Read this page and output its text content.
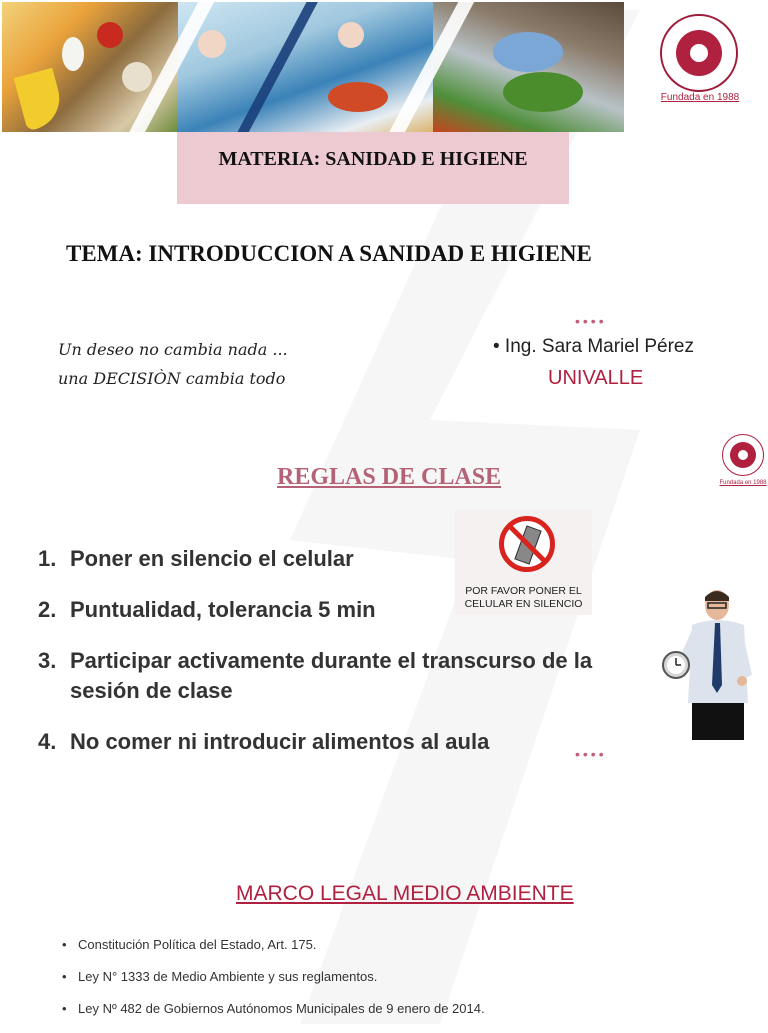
Fundada en 1988
MATERIA: SANIDAD E HIGIENE
TEMA: INTRODUCCION A SANIDAD E HIGIENE
Un deseo no cambia nada ...
una DECISIÒN cambia todo
••••
• Ing. Sara Mariel Pérez
UNIVALLE
Fundada en 1988
REGLAS DE CLASE
1. Poner en silencio el celular
2. Puntualidad, tolerancia 5 min
3. Participar activamente durante el transcurso de la sesión de clase
4. No comer ni introducir alimentos al aula
POR FAVOR PONER EL
CELULAR EN SILENCIO
••••
MARCO LEGAL MEDIO AMBIENTE
• Constitución Política del Estado, Art. 175.
• Ley N° 1333 de Medio Ambiente y sus reglamentos.
• Ley Nº 482 de Gobiernos Autónomos Municipales de 9 enero de 2014.
